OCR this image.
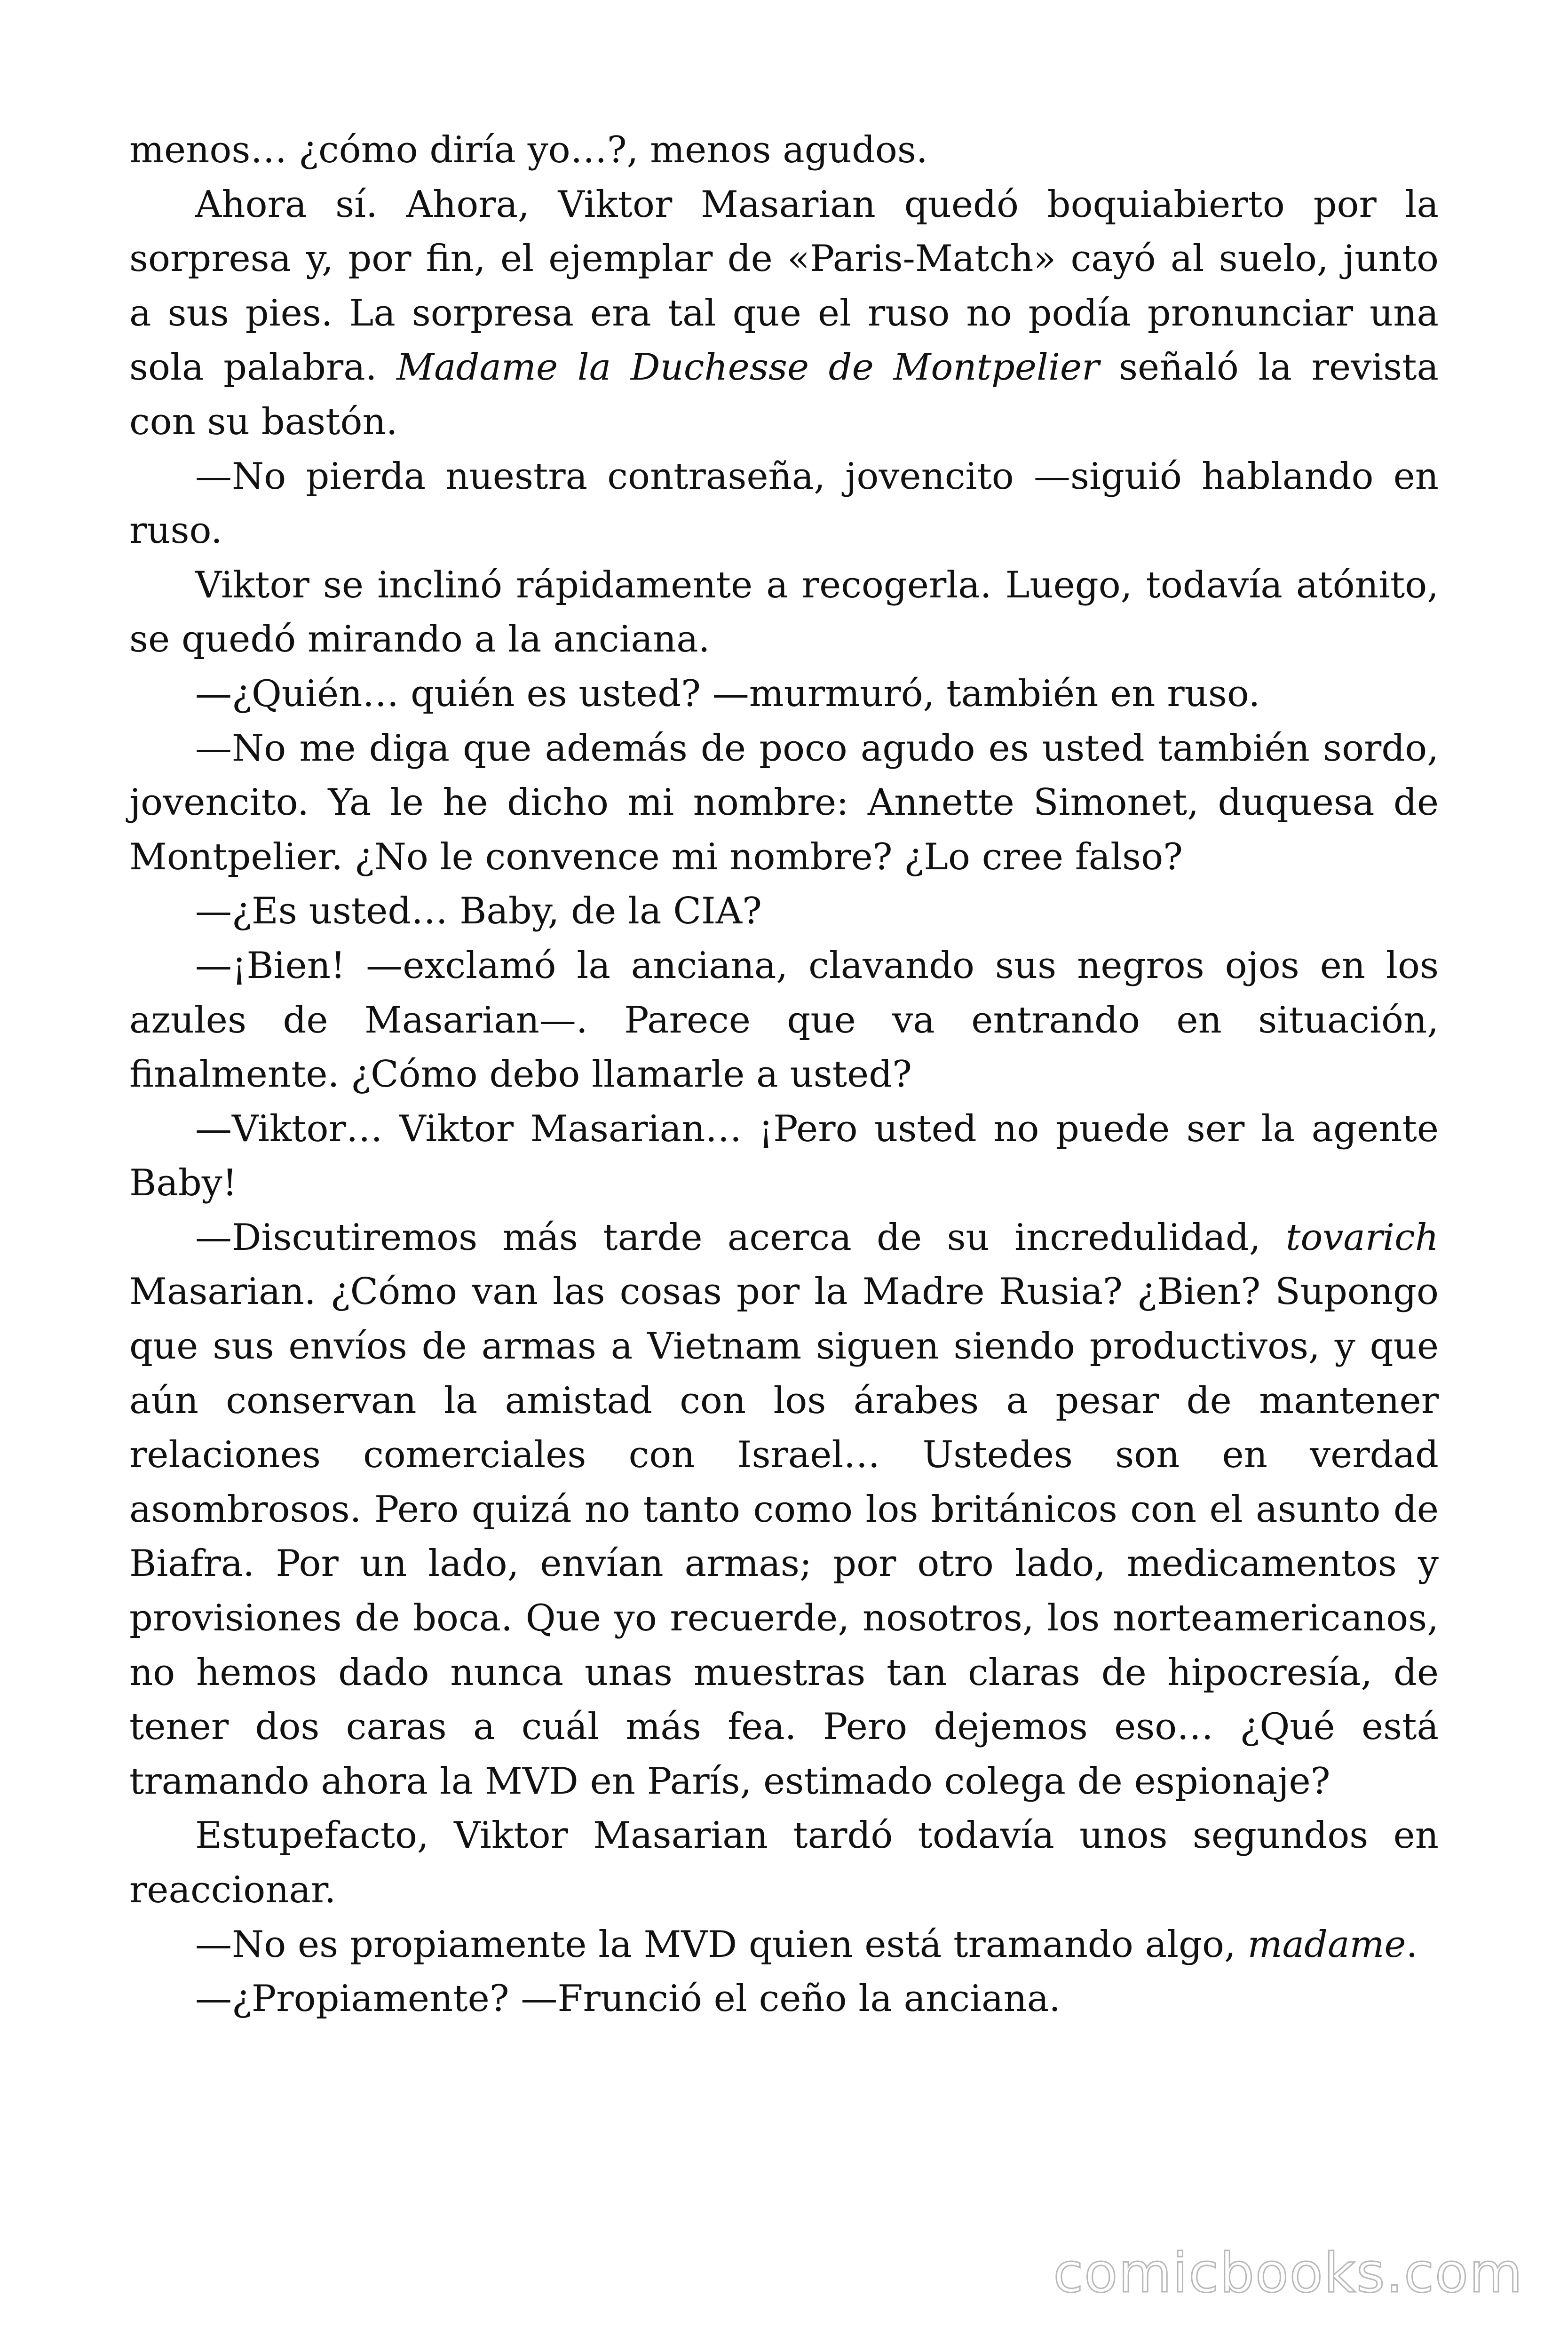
menos… ¿cómo diría yo…?, menos agudos.

Ahora sí. Ahora, Viktor Masarian quedó boquiabierto por la sorpresa y, por fin, el ejemplar de «Paris-Match» cayó al suelo, junto a sus pies. La sorpresa era tal que el ruso no podía pronunciar una sola palabra. Madame la Duchesse de Montpelier señaló la revista con su bastón.

—No pierda nuestra contraseña, jovencito —siguió hablando en ruso.

Viktor se inclinó rápidamente a recogerla. Luego, todavía atónito, se quedó mirando a la anciana.

—¿Quién… quién es usted? —murmuró, también en ruso.

—No me diga que además de poco agudo es usted también sordo, jovencito. Ya le he dicho mi nombre: Annette Simonet, duquesa de Montpelier. ¿No le convence mi nombre? ¿Lo cree falso?

—¿Es usted… Baby, de la CIA?

—¡Bien! —exclamó la anciana, clavando sus negros ojos en los azules de Masarian—. Parece que va entrando en situación, finalmente. ¿Cómo debo llamarle a usted?

—Viktor… Viktor Masarian… ¡Pero usted no puede ser la agente Baby!

—Discutiremos más tarde acerca de su incredulidad, tovarich Masarian. ¿Cómo van las cosas por la Madre Rusia? ¿Bien? Supongo que sus envíos de armas a Vietnam siguen siendo productivos, y que aún conservan la amistad con los árabes a pesar de mantener relaciones comerciales con Israel… Ustedes son en verdad asombrosos. Pero quizá no tanto como los británicos con el asunto de Biafra. Por un lado, envían armas; por otro lado, medicamentos y provisiones de boca. Que yo recuerde, nosotros, los norteamericanos, no hemos dado nunca unas muestras tan claras de hipocresía, de tener dos caras a cuál más fea. Pero dejemos eso… ¿Qué está tramando ahora la MVD en París, estimado colega de espionaje?

Estupefacto, Viktor Masarian tardó todavía unos segundos en reaccionar.

—No es propiamente la MVD quien está tramando algo, madame.

—¿Propiamente? —Frunció el ceño la anciana.

comicbooks.com
